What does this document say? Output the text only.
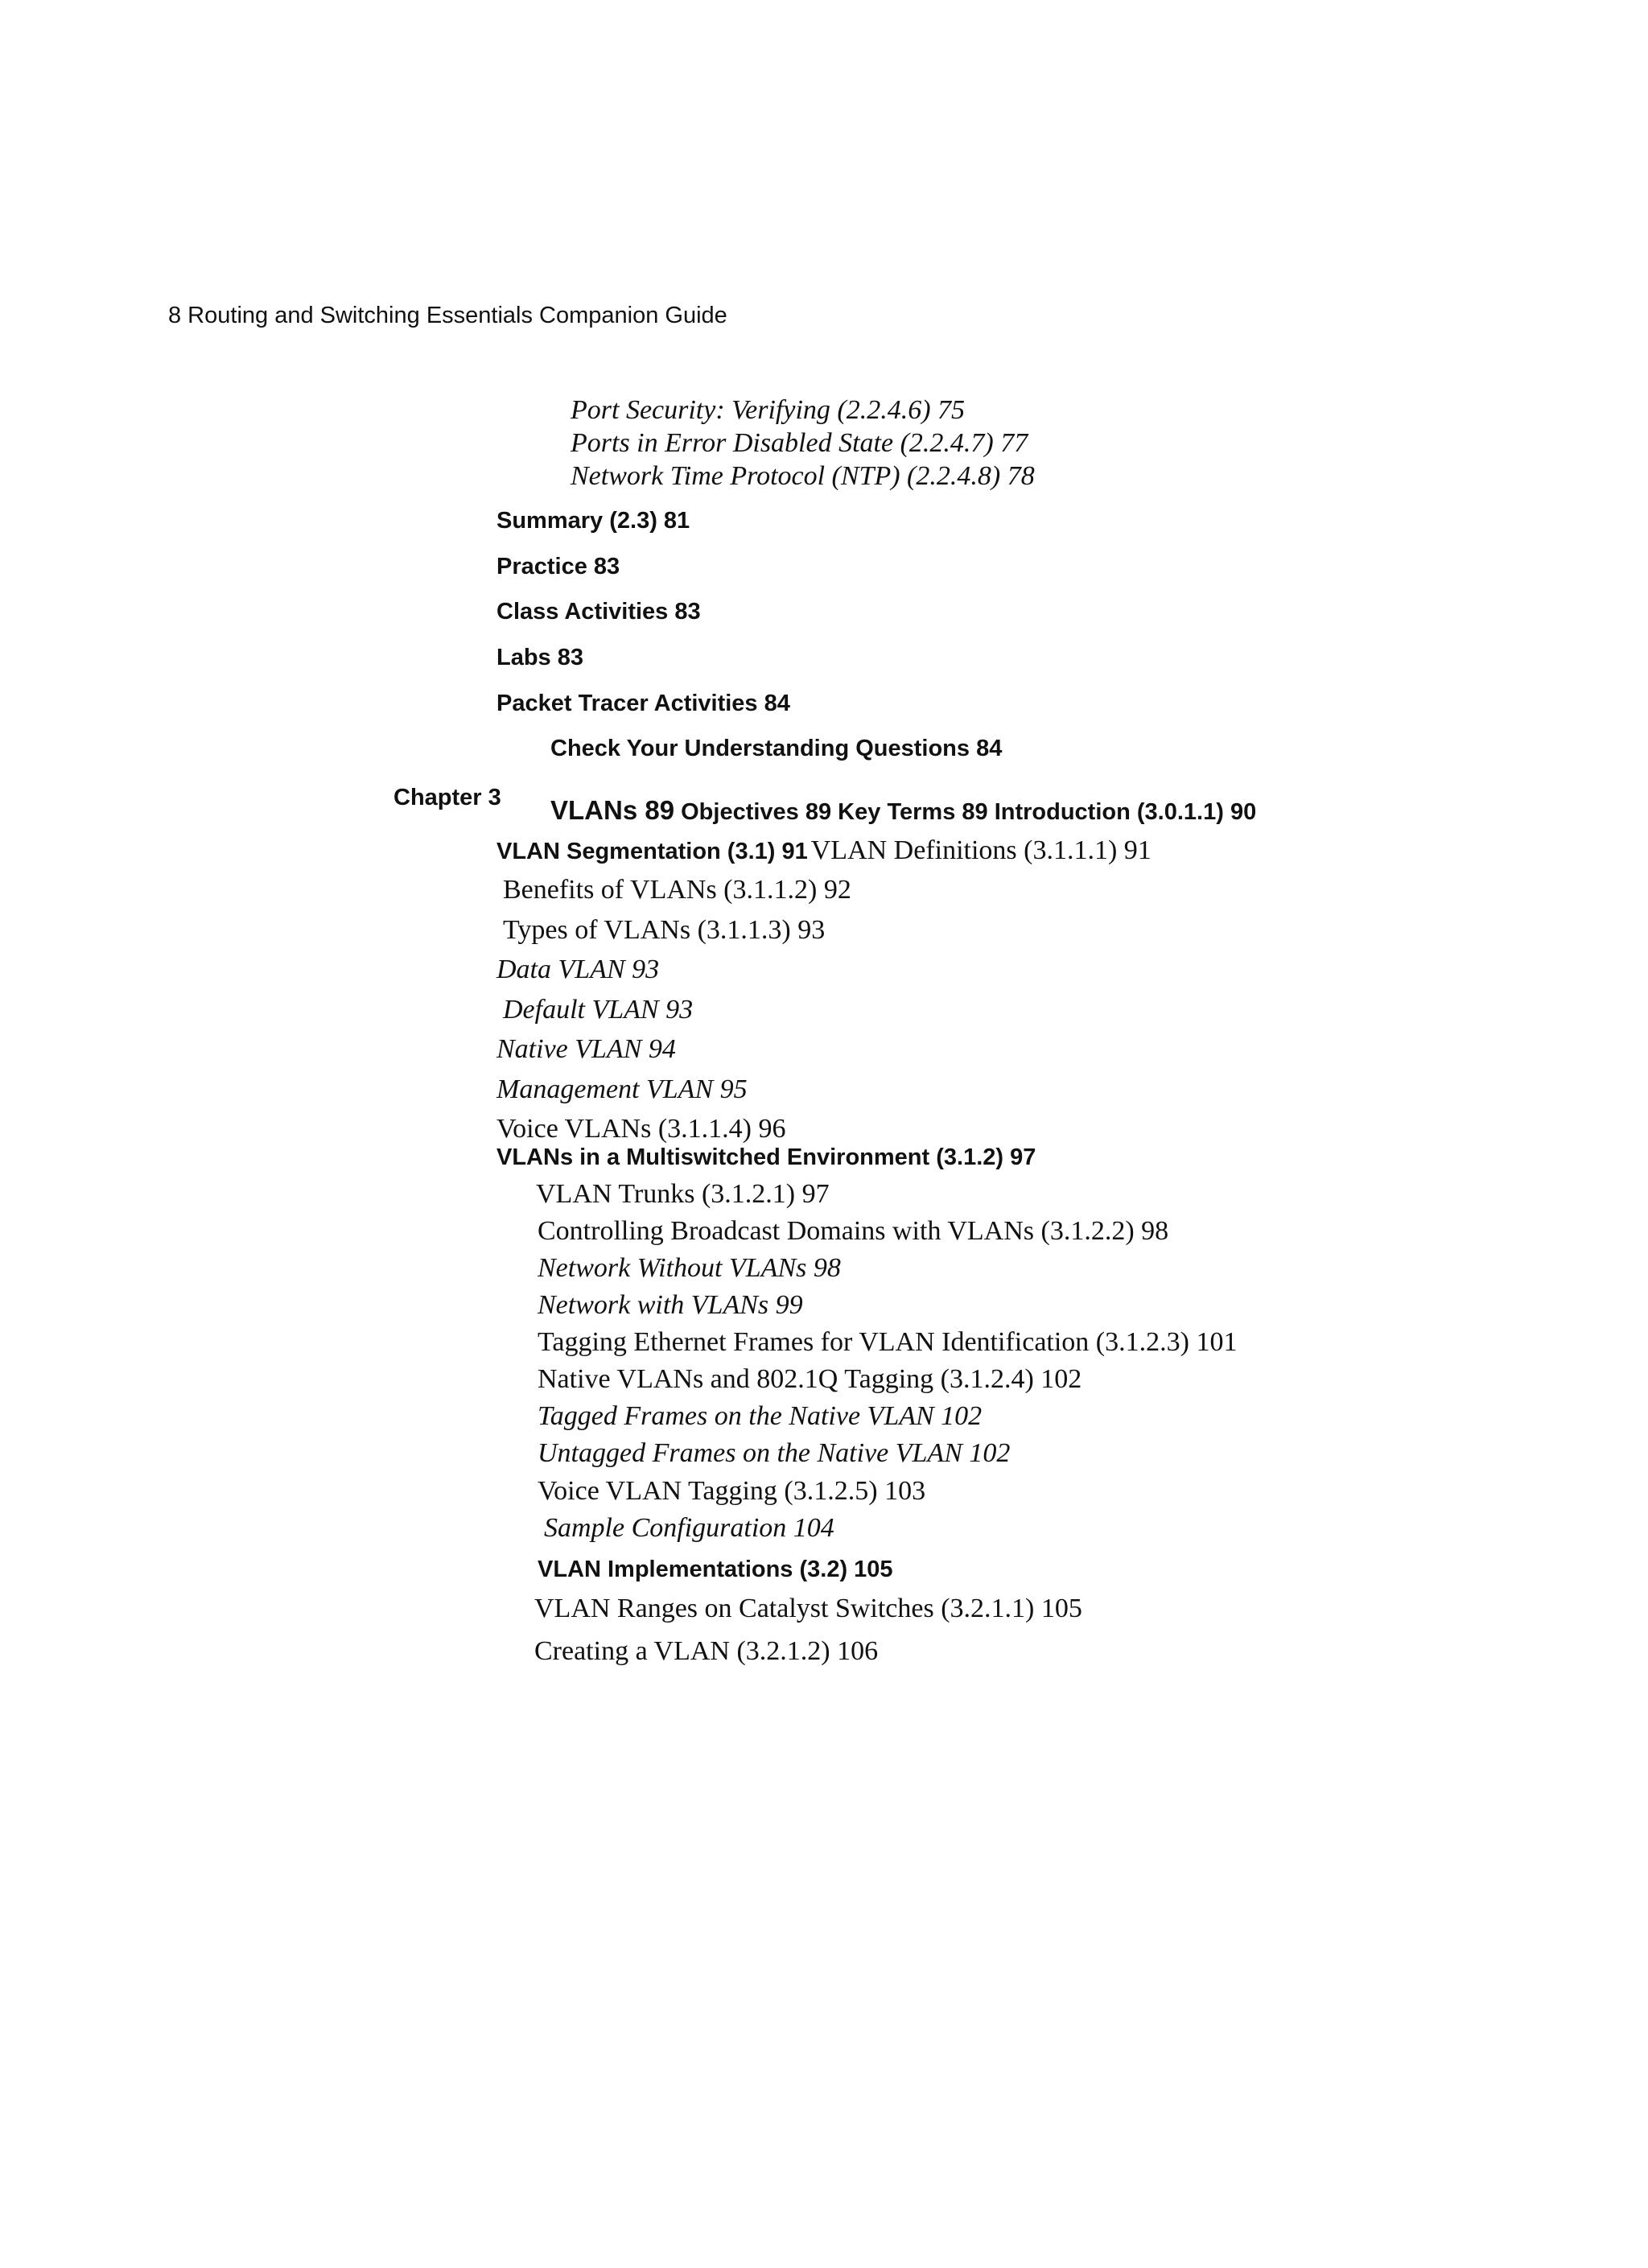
8 Routing and Switching Essentials Companion Guide
Port Security: Verifying (2.2.4.6) 75
Ports in Error Disabled State (2.2.4.7) 77
Network Time Protocol (NTP) (2.2.4.8) 78
Summary (2.3) 81
Practice 83
Class Activities 83
Labs 83
Packet Tracer Activities 84
Check Your Understanding Questions 84
Chapter 3 VLANs 89 Objectives 89 Key Terms 89 Introduction (3.0.1.1) 90
VLAN Segmentation (3.1) 91 VLAN Definitions (3.1.1.1) 91
Benefits of VLANs (3.1.1.2) 92
Types of VLANs (3.1.1.3) 93
Data VLAN 93
Default VLAN 93
Native VLAN 94
Management VLAN 95
Voice VLANs (3.1.1.4) 96
VLANs in a Multiswitched Environment (3.1.2) 97
VLAN Trunks (3.1.2.1) 97
Controlling Broadcast Domains with VLANs (3.1.2.2) 98
Network Without VLANs 98
Network with VLANs 99
Tagging Ethernet Frames for VLAN Identification (3.1.2.3) 101
Native VLANs and 802.1Q Tagging (3.1.2.4) 102
Tagged Frames on the Native VLAN 102
Untagged Frames on the Native VLAN 102
Voice VLAN Tagging (3.1.2.5) 103
Sample Configuration 104
VLAN Implementations (3.2) 105
VLAN Ranges on Catalyst Switches (3.2.1.1) 105
Creating a VLAN (3.2.1.2) 106
